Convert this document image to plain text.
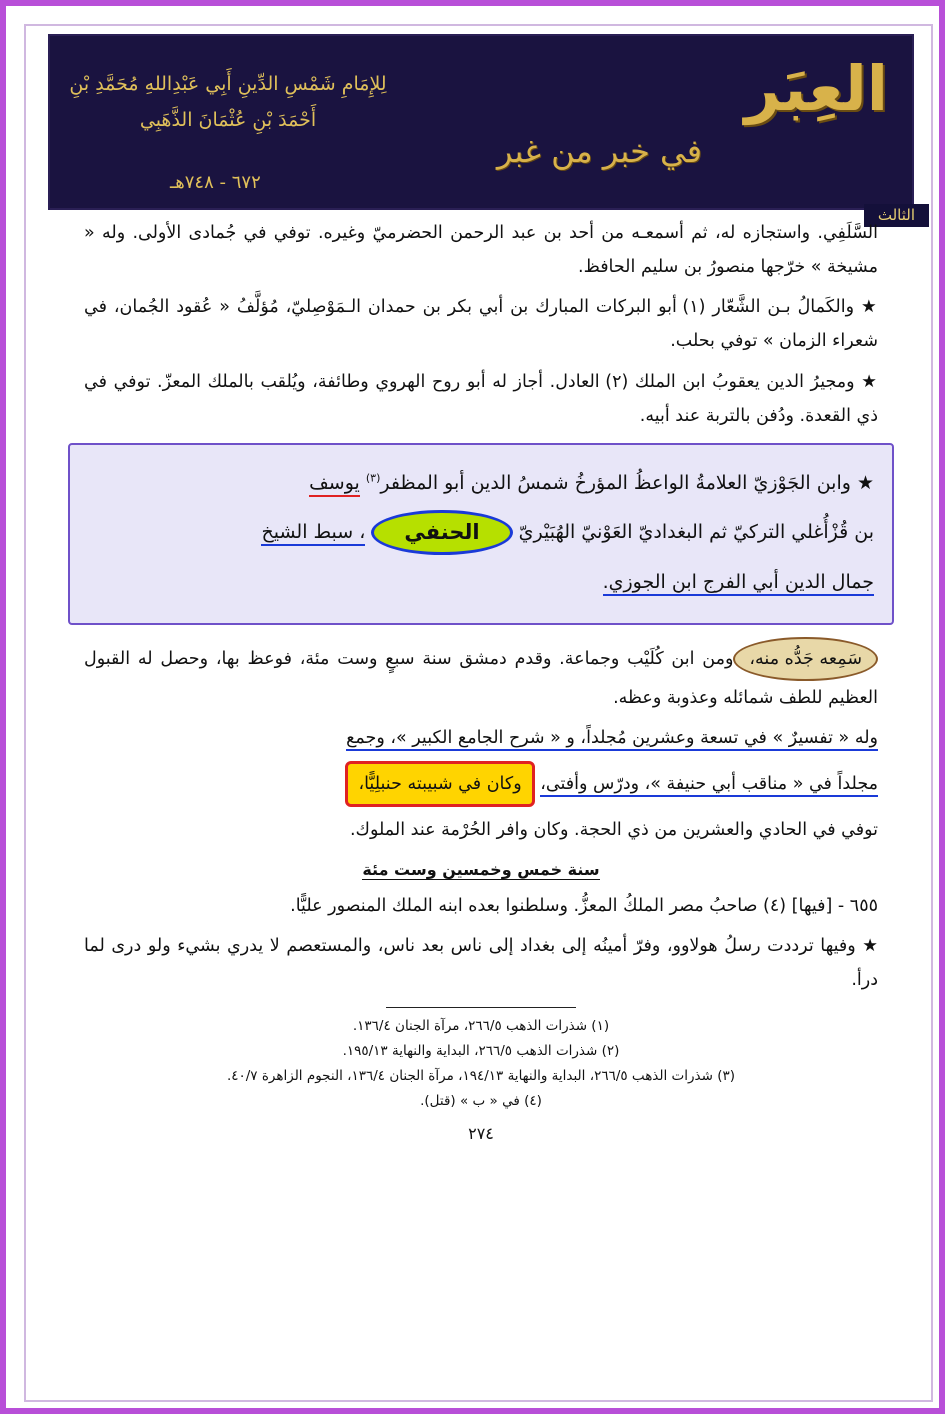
العِبَر
في خبر من غبر
لِلإِمَامِ شَمْسِ الدِّينِ أَبِي عَبْدِاللهِ مُحَمَّدِ بْنِ أَحْمَدَ بْنِ عُثْمَانَ الذَّهَبِي
٦٧٢ - ٧٤٨هـ
الثالث

السَّلَفِي. واستجازه له، ثم أسمعـه من أحد بن عبد الرحمن الحضرميّ وغيره. توفي في جُمادى الأولى. وله « مشيخة » خرّجها منصورُ بن سليم الحافظ.

★ والكَمالُ بـن الشَّعّار (١) أبو البركات المبارك بن أبي بكر بن حمدان الـمَوْصِليّ، مُؤلَّفُ « عُقود الجُمان، في شعراء الزمان » توفي بحلب.

★ ومجيرُ الدين يعقوبُ ابن الملك (٢) العادل. أجاز له أبو روح الهروي وطائفة، ويُلقب بالملك المعزّ. توفي في ذي القعدة. ودُفن بالتربة عند أبيه.

★ وابن الجَوْزيّ العلامةُ الواعظُ المؤرخُ شمسُ الدين أبو المظفر$^{(٣)}$ يوسف
بن قُزْأُغلي التركيّ ثم البغداديّ العَوْنيّ الهُبَيْريّ الحنفي ، سبط الشيخ
جمال الدين أبي الفرج ابن الجوزي.

سَمِعه جَدُّه منه،ومن ابن كُلَيْب وجماعة. وقدم دمشق سنة سبعٍ وست مئة، فوعظ بها، وحصل له القبول العظيم للطف شمائله وعذوبة وعظه.

وله « تفسيرٌ » في تسعة وعشرين مُجلداً، و « شرح الجامع الكبير »، وجمع

مجلداً في « مناقب أبي حنيفة »، ودرّس وأفتى، وكان في شبيبته حنبلِيًّا،

توفي في الحادي والعشرين من ذي الحجة. وكان وافر الحُرْمة عند الملوك.

سنة خمس وخمسين وست مئة

٦٥٥ - [فيها] (٤) صاحبُ مصر الملكُ المعزُّ. وسلطنوا بعده ابنه الملك المنصور عليًّا.

★ وفيها ترددت رسلُ هولاوو، وفرّ أمينُه إلى بغداد إلى ناس بعد ناس، والمستعصم لا يدري بشيء ولو درى لما درأ.

(١) شذرات الذهب ٢٦٦/٥، مرآة الجنان ١٣٦/٤.
(٢) شذرات الذهب ٢٦٦/٥، البداية والنهاية ١٩٥/١٣.
(٣) شذرات الذهب ٢٦٦/٥، البداية والنهاية ١٩٤/١٣، مرآة الجنان ١٣٦/٤، النجوم الزاهرة ٤٠/٧.
(٤) في « ب » (قتل).
٢٧٤
